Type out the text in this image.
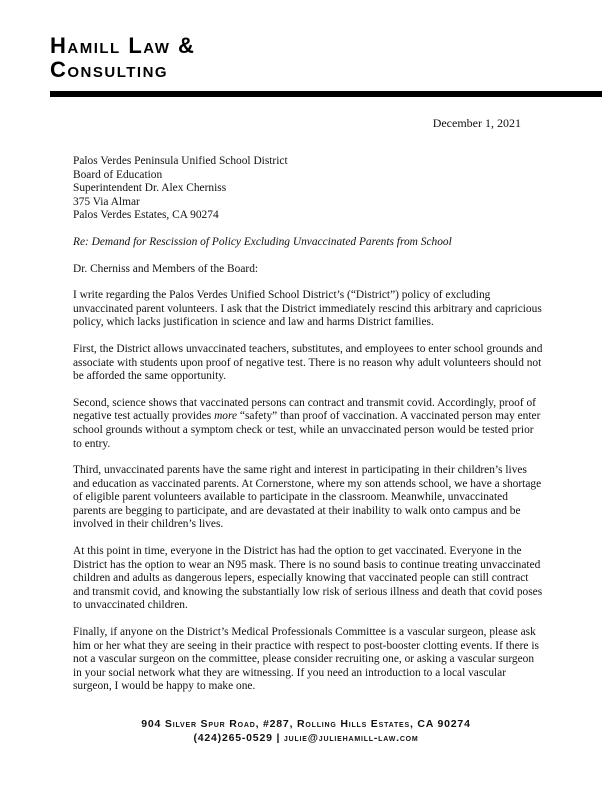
Hamill Law &
Consulting
December 1, 2021

Palos Verdes Peninsula Unified School District
Board of Education
Superintendent Dr. Alex Cherniss
375 Via Almar
Palos Verdes Estates, CA 90274

Re: Demand for Rescission of Policy Excluding Unvaccinated Parents from School

Dr. Cherniss and Members of the Board:

I write regarding the Palos Verdes Unified School District’s (“District”) policy of excluding unvaccinated parent volunteers. I ask that the District immediately rescind this arbitrary and capricious policy, which lacks justification in science and law and harms District families.

First, the District allows unvaccinated teachers, substitutes, and employees to enter school grounds and associate with students upon proof of negative test. There is no reason why adult volunteers should not be afforded the same opportunity.

Second, science shows that vaccinated persons can contract and transmit covid. Accordingly, proof of negative test actually provides more “safety” than proof of vaccination. A vaccinated person may enter school grounds without a symptom check or test, while an unvaccinated person would be tested prior to entry.

Third, unvaccinated parents have the same right and interest in participating in their children’s lives and education as vaccinated parents. At Cornerstone, where my son attends school, we have a shortage of eligible parent volunteers available to participate in the classroom. Meanwhile, unvaccinated parents are begging to participate, and are devastated at their inability to walk onto campus and be involved in their children’s lives.

At this point in time, everyone in the District has had the option to get vaccinated. Everyone in the District has the option to wear an N95 mask. There is no sound basis to continue treating unvaccinated children and adults as dangerous lepers, especially knowing that vaccinated people can still contract and transmit covid, and knowing the substantially low risk of serious illness and death that covid poses to unvaccinated children.

Finally, if anyone on the District’s Medical Professionals Committee is a vascular surgeon, please ask him or her what they are seeing in their practice with respect to post-booster clotting events. If there is not a vascular surgeon on the committee, please consider recruiting one, or asking a vascular surgeon in your social network what they are witnessing. If you need an introduction to a local vascular surgeon, I would be happy to make one.

904 Silver Spur Road, #287, Rolling Hills Estates, CA 90274
(424)265-0529 | julie@juliehamill-law.com
